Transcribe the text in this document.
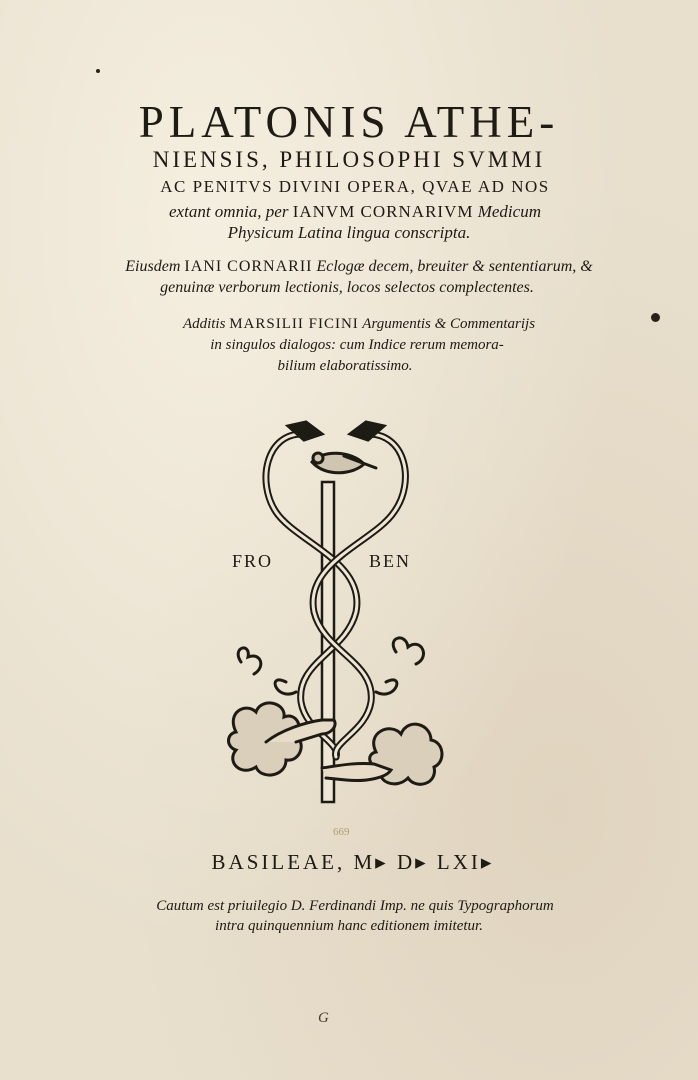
PLATONIS ATHE-
NIENSIS, PHILOSOPHI SVMMI
AC PENITVS DIVINI OPERA, QVAE AD NOS
extant omnia, per IANVM CORNARIVM Medicum
Physicum Latina lingua conscripta.
Eiusdem IANI CORNARII Eclogæ decem, breuiter & sententiarum, &
genuinæ verborum lectionis, locos selectos complectentes.
Additis MARSILII FICINI Argumentis & Commentarijs
in singulos dialogos: cum Indice rerum memora-
bilium elaboratissimo.
FRO	BEN
669
BASILEAE, M▸ D▸ LXI▸
Cautum est priuilegio D. Ferdinandi Imp. ne quis Typographorum
intra quinquennium hanc editionem imitetur.
G
